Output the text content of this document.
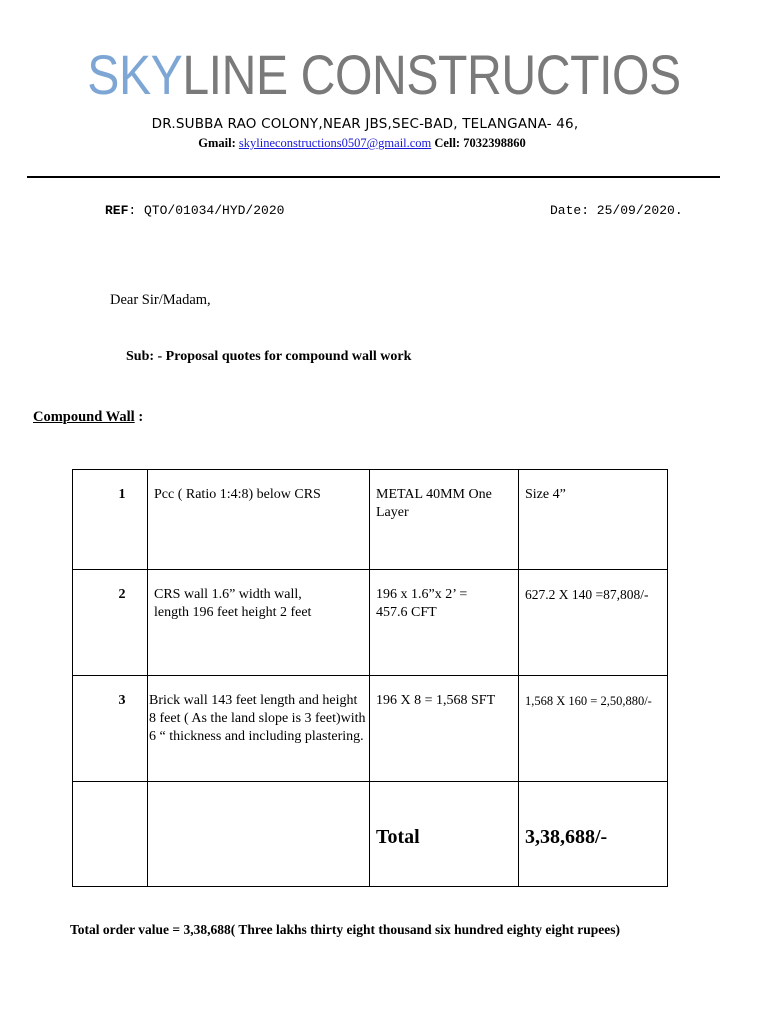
SKYLINE CONSTRUCTIOS
DR.SUBBA RAO COLONY,NEAR JBS,SEC-BAD, TELANGANA- 46,
Gmail: skylineconstructions0507@gmail.com Cell: 7032398860
REF: QTO/01034/HYD/2020	Date: 25/09/2020.
Dear Sir/Madam,
Sub: - Proposal quotes for compound wall work
Compound Wall :
1	Pcc ( Ratio 1:4:8) below CRS	METAL 40MM One Layer	Size 4”

2	CRS wall 1.6” width wall, length 196 feet height 2 feet	196 x 1.6”x 2’ = 457.6 CFT	627.2 X 140 =87,808/-

3	Brick wall 143 feet length and height 8 feet ( As the land slope is 3 feet)with 6 “ thickness and including plastering.	196 X 8 = 1,568 SFT	1,568 X 160 = 2,50,880/-

		Total	3,38,688/-
Total order value = 3,38,688( Three lakhs thirty eight thousand six hundred eighty eight rupees)
